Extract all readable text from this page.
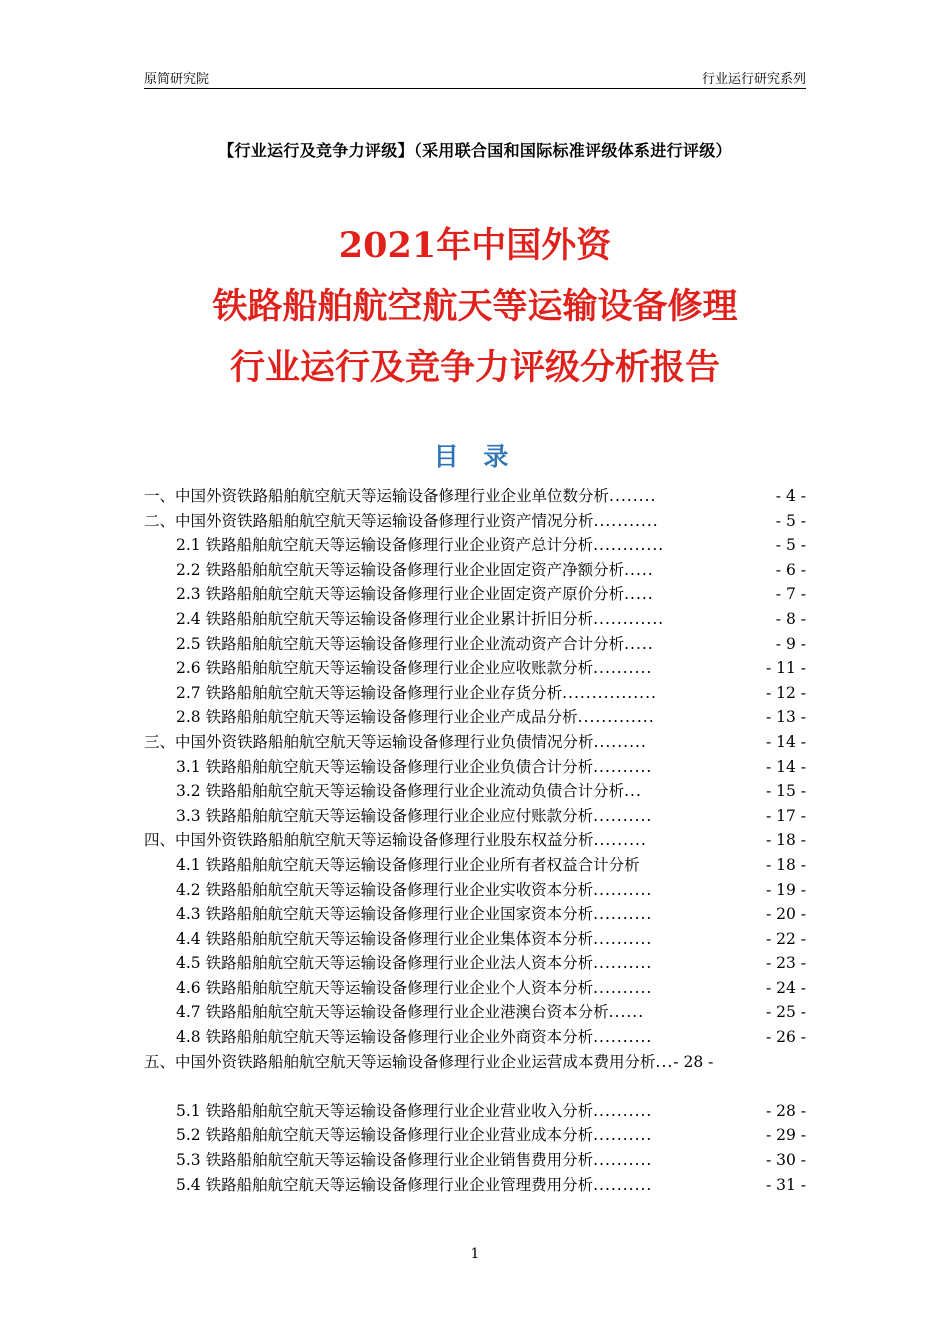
原简研究院	行业运行研究系列
【行业运行及竞争力评级】（采用联合国和国际标准评级体系进行评级）
2021年中国外资
铁路船舶航空航天等运输设备修理
行业运行及竞争力评级分析报告
目 录
一、中国外资铁路船舶航空航天等运输设备修理行业企业单位数分析 ........	- 4 -
二、中国外资铁路船舶航空航天等运输设备修理行业资产情况分析 ...........	- 5 -
2.1 铁路船舶航空航天等运输设备修理行业企业资产总计分析 ............	- 5 -
2.2 铁路船舶航空航天等运输设备修理行业企业固定资产净额分析 .....	- 6 -
2.3 铁路船舶航空航天等运输设备修理行业企业固定资产原价分析 .....	- 7 -
2.4 铁路船舶航空航天等运输设备修理行业企业累计折旧分析 ............	- 8 -
2.5 铁路船舶航空航天等运输设备修理行业企业流动资产合计分析 .....	- 9 -
2.6 铁路船舶航空航天等运输设备修理行业企业应收账款分析 ..........	- 11 -
2.7 铁路船舶航空航天等运输设备修理行业企业存货分析 ................	- 12 -
2.8 铁路船舶航空航天等运输设备修理行业企业产成品分析 .............	- 13 -
三、中国外资铁路船舶航空航天等运输设备修理行业负债情况分析 .........	- 14 -
3.1 铁路船舶航空航天等运输设备修理行业企业负债合计分析 ..........	- 14 -
3.2 铁路船舶航空航天等运输设备修理行业企业流动负债合计分析 ...	- 15 -
3.3 铁路船舶航空航天等运输设备修理行业企业应付账款分析 ..........	- 17 -
四、中国外资铁路船舶航空航天等运输设备修理行业股东权益分析 .........	- 18 -
4.1 铁路船舶航空航天等运输设备修理行业企业所有者权益合计分析	- 18 -
4.2 铁路船舶航空航天等运输设备修理行业企业实收资本分析 ..........	- 19 -
4.3 铁路船舶航空航天等运输设备修理行业企业国家资本分析 ..........	- 20 -
4.4 铁路船舶航空航天等运输设备修理行业企业集体资本分析 ..........	- 22 -
4.5 铁路船舶航空航天等运输设备修理行业企业法人资本分析 ..........	- 23 -
4.6 铁路船舶航空航天等运输设备修理行业企业个人资本分析 ..........	- 24 -
4.7 铁路船舶航空航天等运输设备修理行业企业港澳台资本分析 ......	- 25 -
4.8 铁路船舶航空航天等运输设备修理行业企业外商资本分析 ..........	- 26 -
五、中国外资铁路船舶航空航天等运输设备修理行业企业运营成本费用分析...- 28 -
5.1 铁路船舶航空航天等运输设备修理行业企业营业收入分析 ..........	- 28 -
5.2 铁路船舶航空航天等运输设备修理行业企业营业成本分析 ..........	- 29 -
5.3 铁路船舶航空航天等运输设备修理行业企业销售费用分析 ..........	- 30 -
5.4 铁路船舶航空航天等运输设备修理行业企业管理费用分析 ..........	- 31 -
1
